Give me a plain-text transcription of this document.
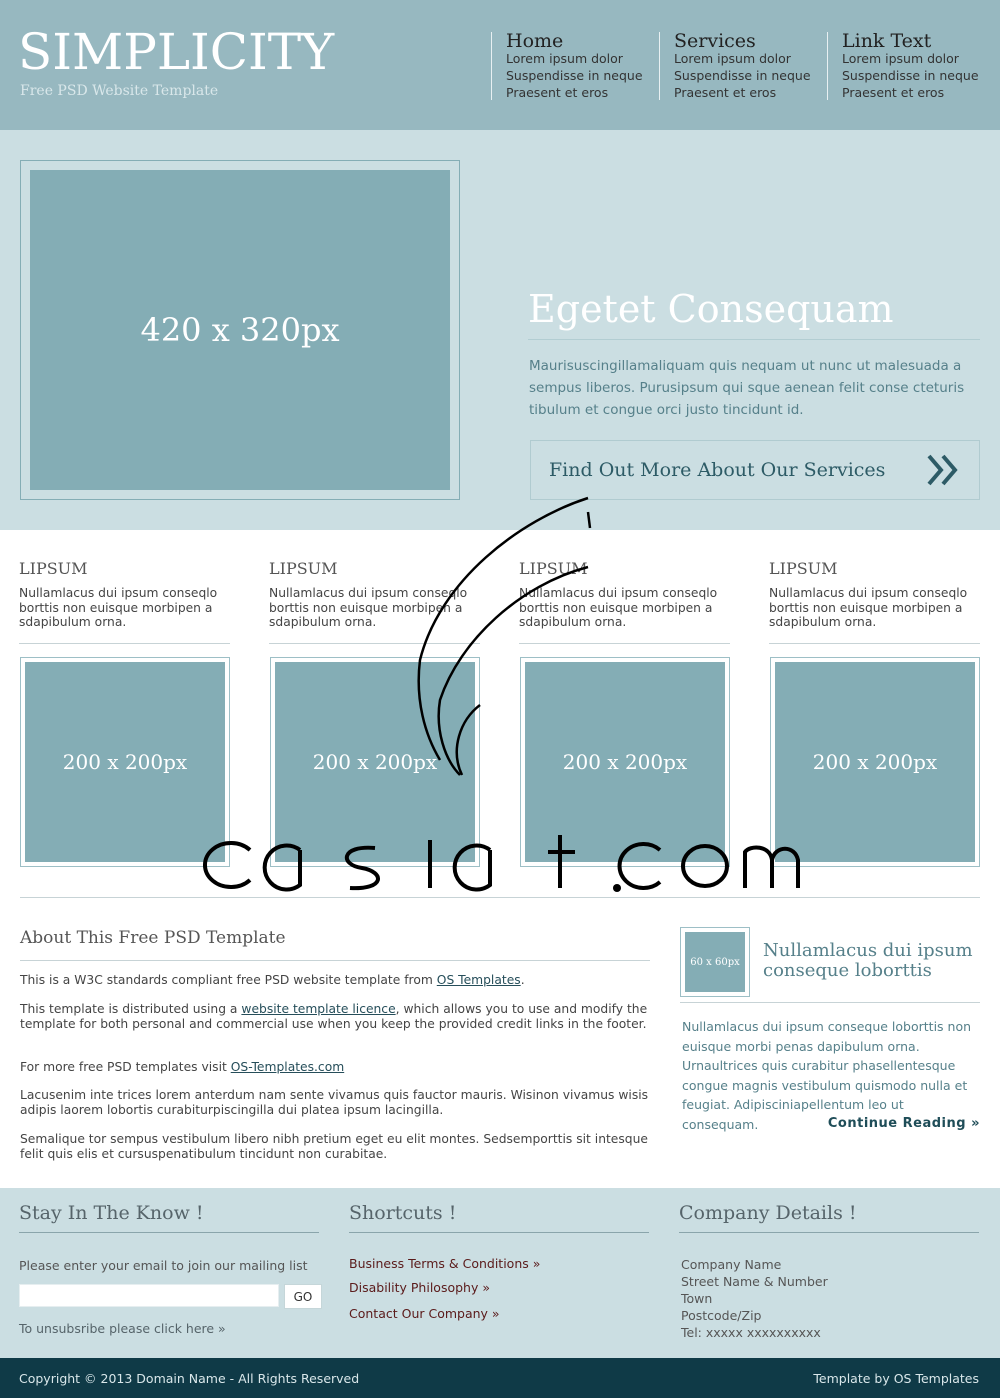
SIMPLICITY
Free PSD Website Template
Home
Lorem ipsum dolor
Suspendisse in neque
Praesent et eros
Services
Lorem ipsum dolor
Suspendisse in neque
Praesent et eros
Link Text
Lorem ipsum dolor
Suspendisse in neque
Praesent et eros
420 x 320px	Egetet Consequam
Maurisuscingillamaliquam quis nequam ut nunc ut malesuada a sempus liberos. Purusipsum qui sque aenean felit conse cteturis tibulum et congue orci justo tincidunt id.
Find Out More About Our Services
LIPSUM
Nullamlacus dui ipsum conseqlo borttis non euisque morbipen a sdapibulum orna.
LIPSUM
Nullamlacus dui ipsum conseqlo borttis non euisque morbipen a sdapibulum orna.
LIPSUM
Nullamlacus dui ipsum conseqlo borttis non euisque morbipen a sdapibulum orna.
LIPSUM
Nullamlacus dui ipsum conseqlo borttis non euisque morbipen a sdapibulum orna.
200 x 200px	200 x 200px	200 x 200px	200 x 200px
About This Free PSD Template
This is a W3C standards compliant free PSD website template from OS Templates.
This template is distributed using a website template licence, which allows you to use and modify the template for both personal and commercial use when you keep the provided credit links in the footer.
For more free PSD templates visit OS-Templates.com
Lacusenim inte trices lorem anterdum nam sente vivamus quis fauctor mauris. Wisinon vivamus wisis adipis laorem lobortis curabiturpiscingilla dui platea ipsum lacingilla.
Semalique tor sempus vestibulum libero nibh pretium eget eu elit montes. Sedsemporttis sit intesque felit quis elis et cursuspenatibulum tincidunt non curabitae.
60 x 60px
Nullamlacus dui ipsum conseque loborttis
Nullamlacus dui ipsum conseque loborttis non euisque morbi penas dapibulum orna. Urnaultrices quis curabitur phasellentesque congue magnis vestibulum quismodo nulla et feugiat. Adipisciniapellentum leo ut consequam.	Continue Reading »
Stay In The Know !
Please enter your email to join our mailing list
GO
To unsubsribe please click here »
Shortcuts !
Business Terms & Conditions »
Disability Philosophy »
Contact Our Company »
Company Details !
Company Name
Street Name & Number
Town
Postcode/Zip
Tel: xxxxx xxxxxxxxxx
Copyright © 2013 Domain Name - All Rights Reserved	Template by OS Templates
